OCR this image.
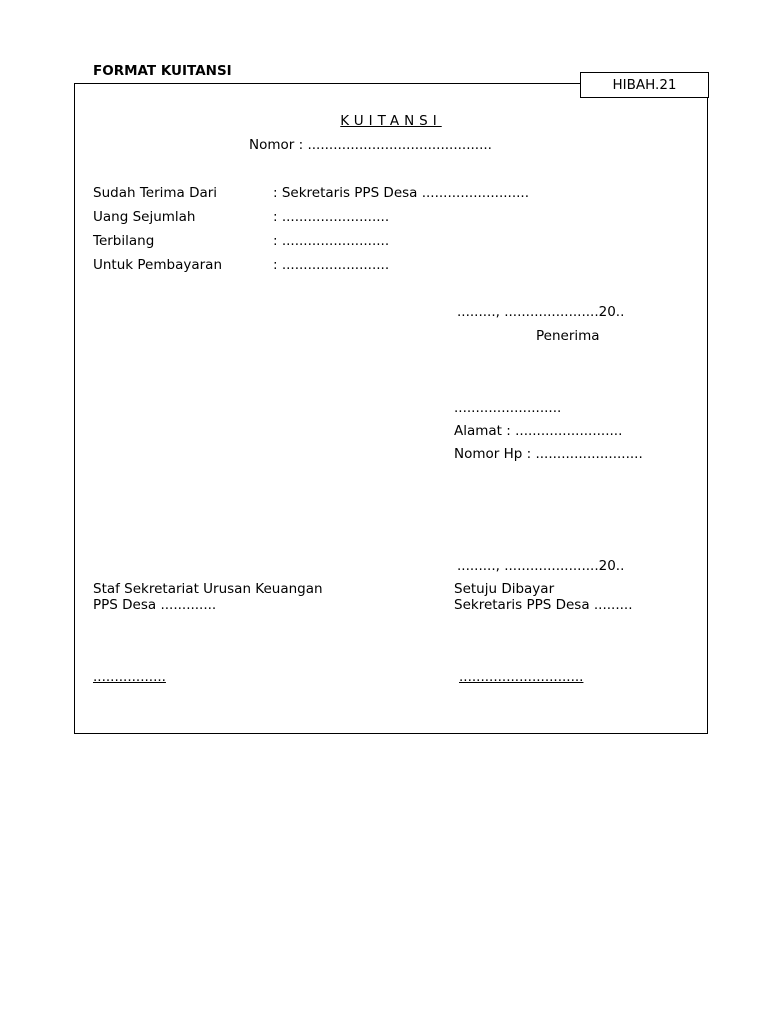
FORMAT KUITANSI
HIBAH.21
KUITANSI
Nomor : ...........................................
Sudah Terima Dari	: Sekretaris PPS Desa .........................
Uang Sejumlah	: .........................
Terbilang	: .........................
Untuk Pembayaran	: .........................
........., ......................20..
Penerima
.........................
Alamat : .........................
Nomor Hp : .........................
........., ......................20..
Staf Sekretariat Urusan Keuangan
PPS Desa .............
Setuju Dibayar
Sekretaris PPS Desa .........
.................	.............................
